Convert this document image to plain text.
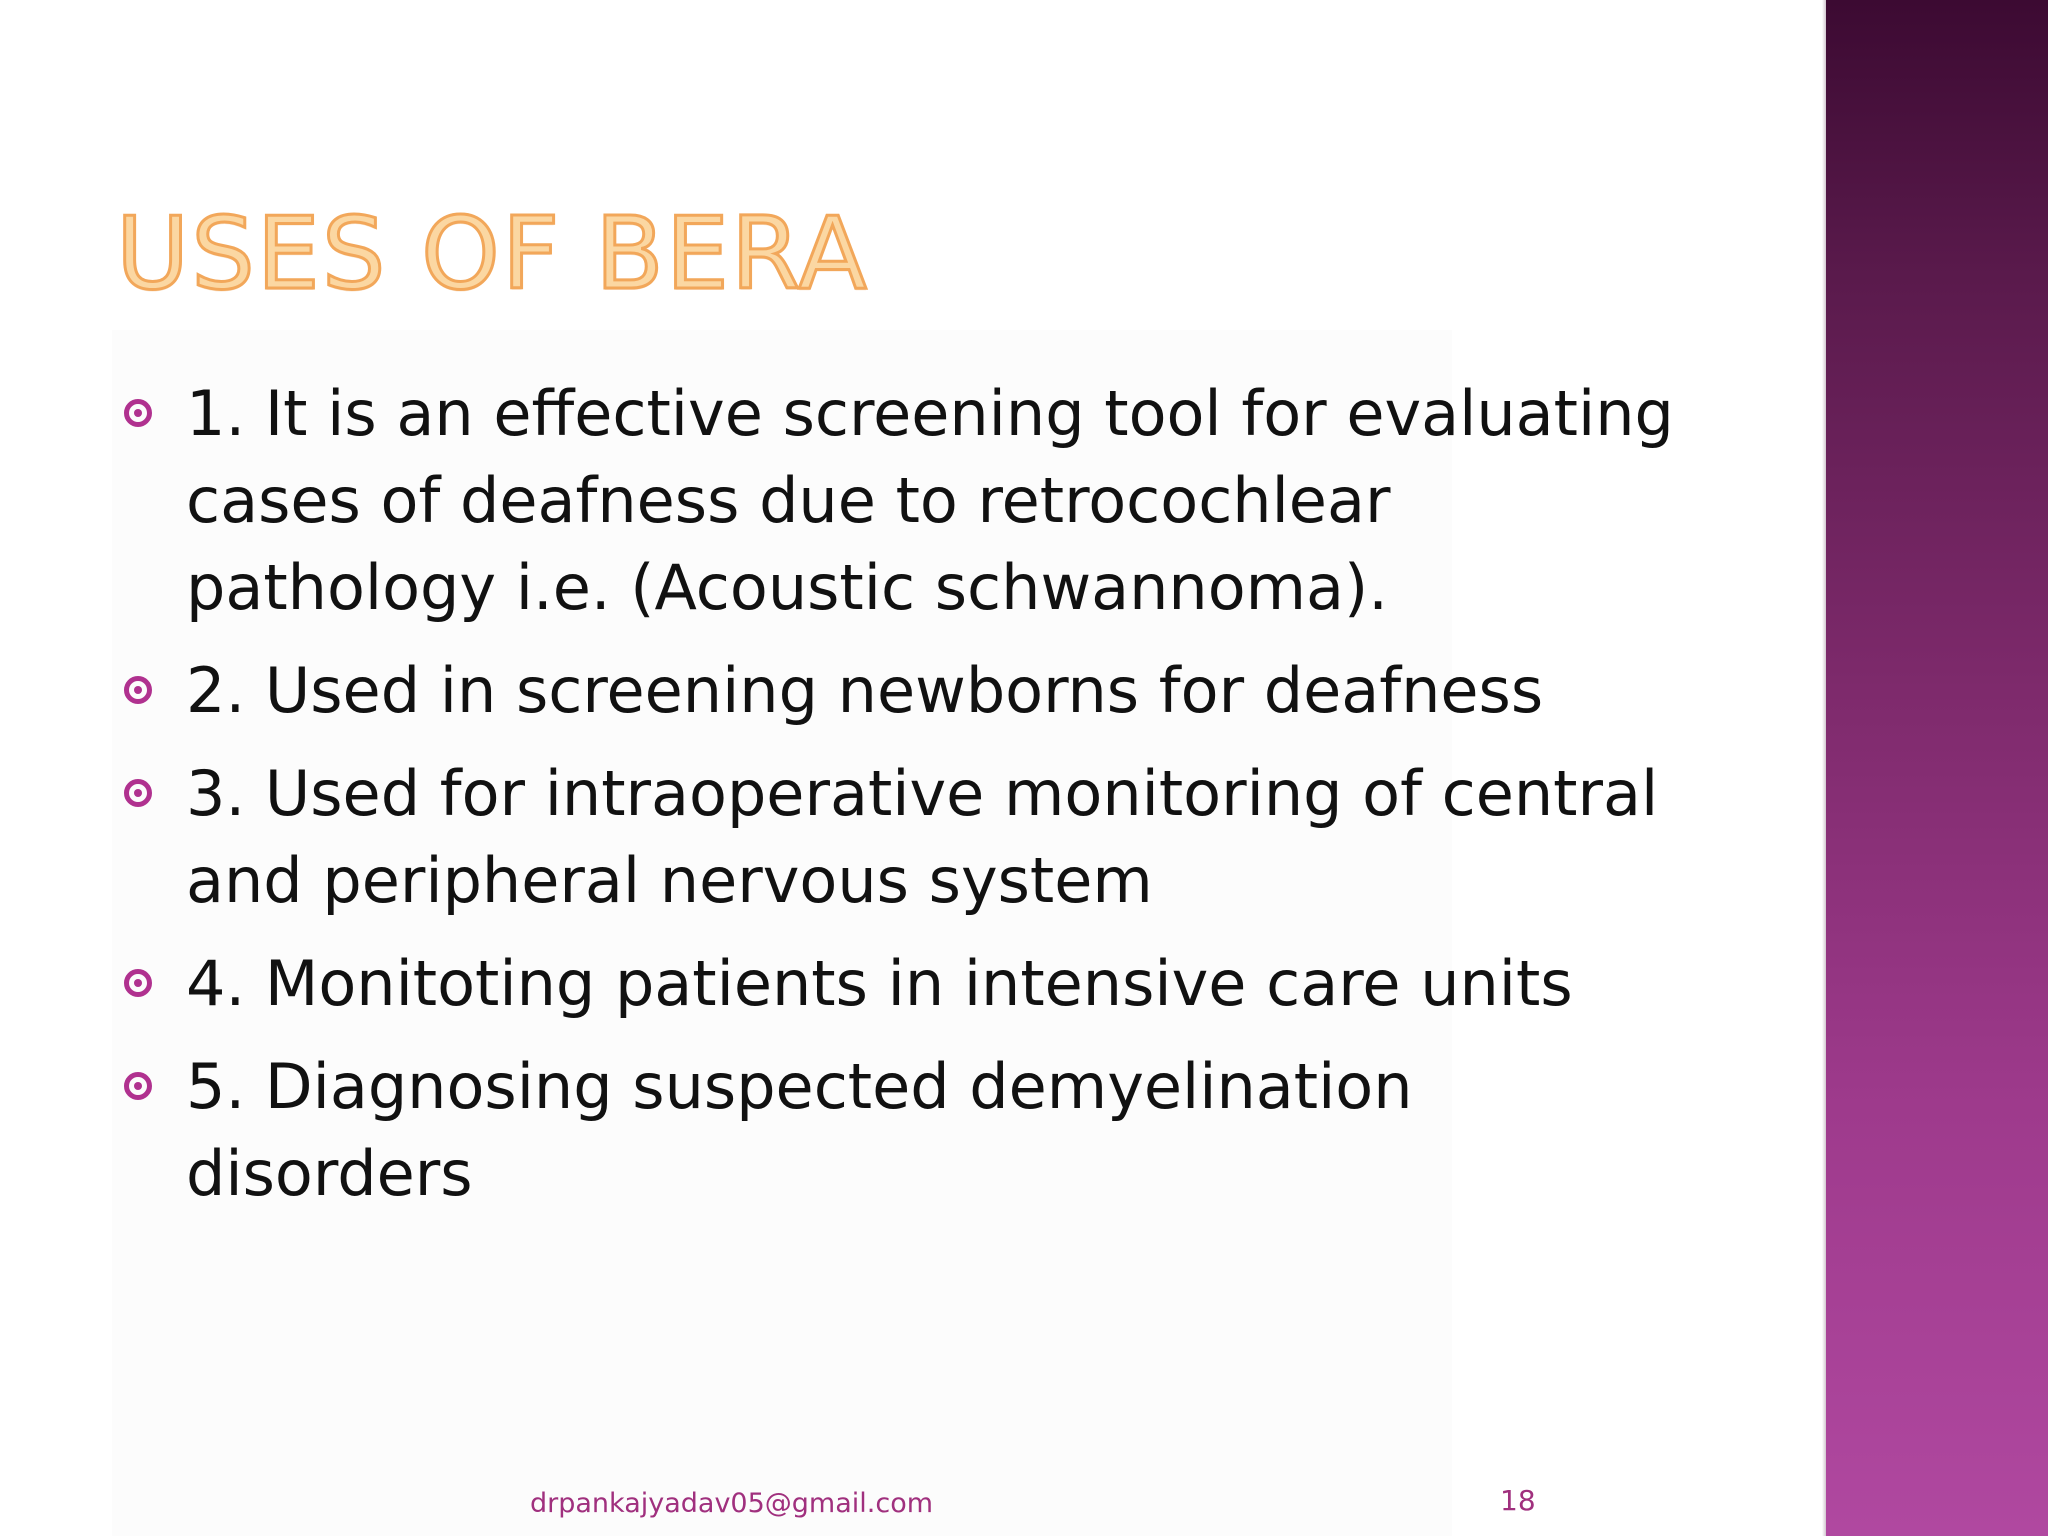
USES OF BERA
1. It is an effective screening tool for evaluating cases of deafness due to retrocochlear pathology i.e. (Acoustic schwannoma).
2. Used in screening newborns for deafness
3. Used for intraoperative monitoring of central and peripheral nervous system
4. Monitoting patients in intensive care units
5. Diagnosing suspected demyelination disorders
drpankajyadav05@gmail.com	18
